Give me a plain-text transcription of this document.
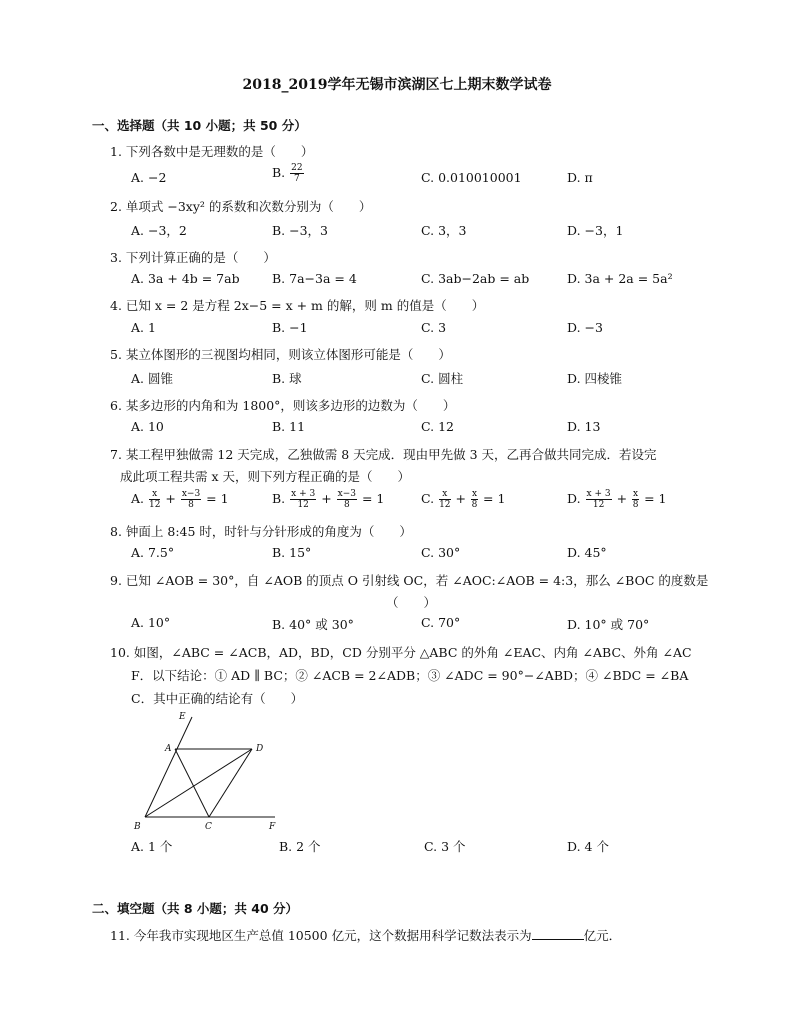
2018_2019学年无锡市滨湖区七上期末数学试卷
一、选择题（共 10 小题；共 50 分）
1. 下列各数中是无理数的是（　　）
A. −2	B. $\frac{22}{7}$	C. 0.010010001	D. π
2. 单项式 −3xy² 的系数和次数分别为（　　）
A. −3，2	B. −3，3	C. 3，3	D. −3，1
3. 下列计算正确的是（　　）
A. 3a + 4b = 7ab	B. 7a−3a = 4	C. 3ab−2ab = ab	D. 3a + 2a = 5a²
4. 已知 x = 2 是方程 2x−5 = x + m 的解，则 m 的值是（　　）
A. 1	B. −1	C. 3	D. −3
5. 某立体图形的三视图均相同，则该立体图形可能是（　　）
A. 圆锥	B. 球	C. 圆柱	D. 四棱锥
6. 某多边形的内角和为 1800°，则该多边形的边数为（　　）
A. 10	B. 11	C. 12	D. 13
7. 某工程甲独做需 12 天完成，乙独做需 8 天完成．现由甲先做 3 天，乙再合做共同完成．若设完
成此项工程共需 x 天，则下列方程正确的是（　　）
A. $\frac{x}{12} + \frac{x-3}{8} = 1$	B. $\frac{x + 3}{12} + \frac{x-3}{8} = 1$	C. $\frac{x}{12} + \frac{x}{8} = 1$	D. $\frac{x + 3}{12} + \frac{x}{8} = 1$
8. 钟面上 8:45 时，时针与分针形成的角度为（　　）
A. 7.5°	B. 15°	C. 30°	D. 45°
9. 已知 ∠AOB = 30°，自 ∠AOB 的顶点 O 引射线 OC，若 ∠AOC:∠AOB = 4:3，那么 ∠BOC 的度数是
（　　）
A. 10°	B. 40° 或 30°	C. 70°	D. 10° 或 70°
10. 如图，∠ABC = ∠ACB，AD，BD，CD 分别平分 △ABC 的外角 ∠EAC、内角 ∠ABC、外角 ∠AC
F．以下结论：① AD ∥ BC；② ∠ACB = 2∠ADB；③ ∠ADC = 90°−∠ABD；④ ∠BDC = ∠BA
C．其中正确的结论有（　　）
E
A	D
B	C	F
A. 1 个	B. 2 个	C. 3 个	D. 4 个
二、填空题（共 8 小题；共 40 分）
11. 今年我市实现地区生产总值 10500 亿元，这个数据用科学记数法表示为	亿元．
